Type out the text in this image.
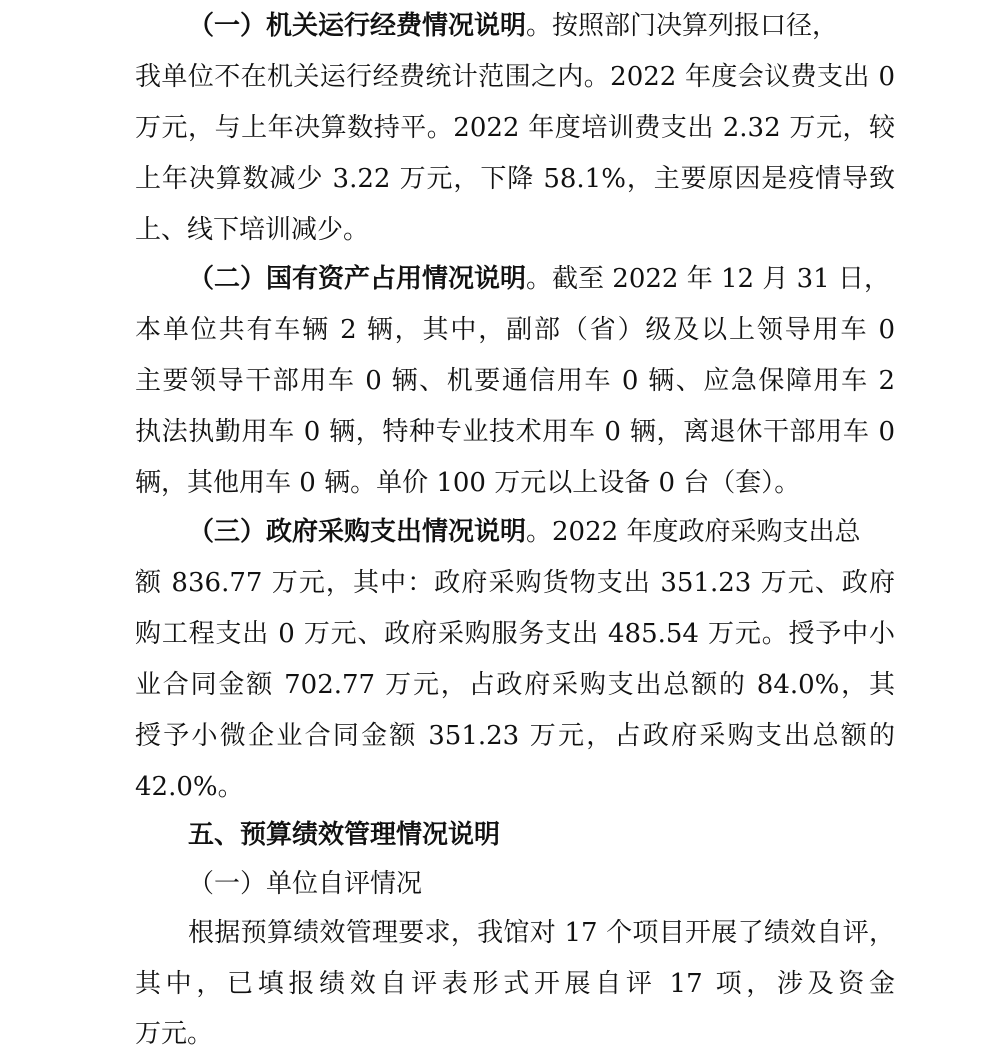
（一）机关运行经费情况说明。按照部门决算列报口径，
我单位不在机关运行经费统计范围之内。2022 年度会议费支出 0
万元，与上年决算数持平。2022 年度培训费支出 2.32 万元，较
上年决算数减少 3.22 万元，下降 58.1%，主要原因是疫情导致
上、线下培训减少。
（二）国有资产占用情况说明。截至 2022 年 12 月 31 日，
本单位共有车辆 2 辆，其中，副部（省）级及以上领导用车 0
主要领导干部用车 0 辆、机要通信用车 0 辆、应急保障用车 2
执法执勤用车 0 辆，特种专业技术用车 0 辆，离退休干部用车 0
辆，其他用车 0 辆。单价 100 万元以上设备 0 台（套）。
（三）政府采购支出情况说明。2022 年度政府采购支出总
额 836.77 万元，其中：政府采购货物支出 351.23 万元、政府
购工程支出 0 万元、政府采购服务支出 485.54 万元。授予中小
业合同金额 702.77 万元，占政府采购支出总额的 84.0%，其
授予小微企业合同金额 351.23 万元，占政府采购支出总额的
42.0%。
五、预算绩效管理情况说明
（一）单位自评情况
根据预算绩效管理要求，我馆对 17 个项目开展了绩效自评，
其中，已填报绩效自评表形式开展自评 17 项，涉及资金
万元。
